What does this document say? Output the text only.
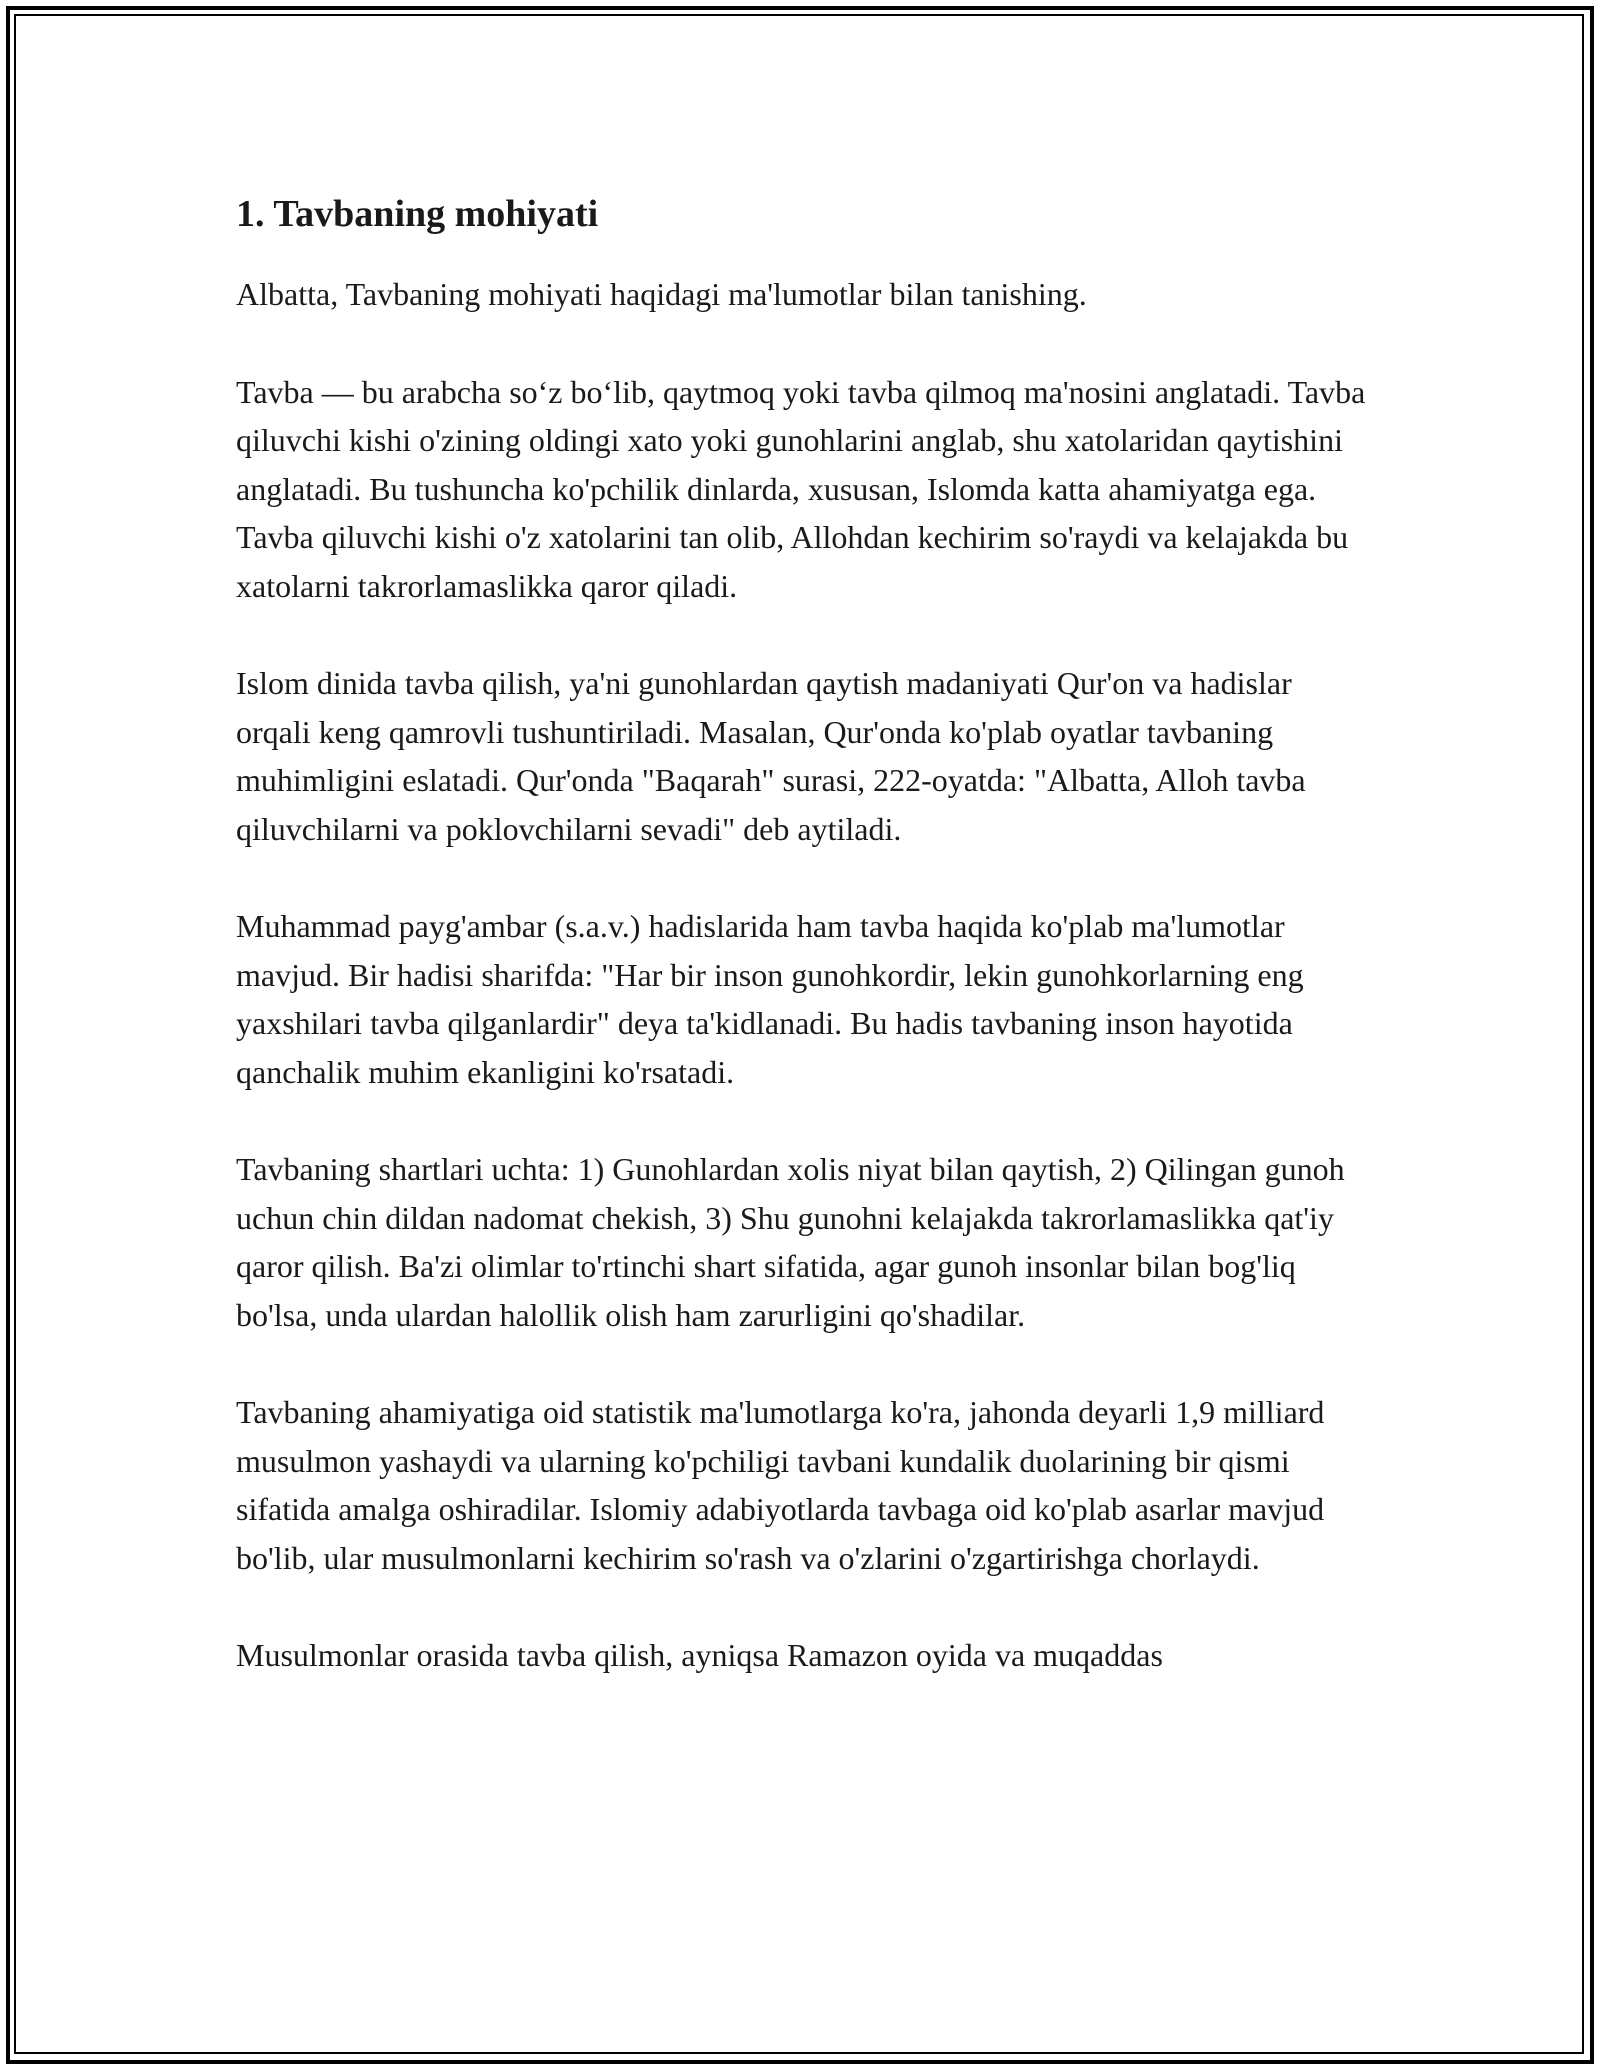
1. Tavbaning mohiyati

Albatta, Tavbaning mohiyati haqidagi ma'lumotlar bilan tanishing.

Tavba — bu arabcha so‘z bo‘lib, qaytmoq yoki tavba qilmoq ma'nosini anglatadi. Tavba qiluvchi kishi o'zining oldingi xato yoki gunohlarini anglab, shu xatolaridan qaytishini anglatadi. Bu tushuncha ko'pchilik dinlarda, xususan, Islomda katta ahamiyatga ega. Tavba qiluvchi kishi o'z xatolarini tan olib, Allohdan kechirim so'raydi va kelajakda bu xatolarni takrorlamaslikka qaror qiladi.

Islom dinida tavba qilish, ya'ni gunohlardan qaytish madaniyati Qur'on va hadislar orqali keng qamrovli tushuntiriladi. Masalan, Qur'onda ko'plab oyatlar tavbaning muhimligini eslatadi. Qur'onda "Baqarah" surasi, 222-oyatda: "Albatta, Alloh tavba qiluvchilarni va poklovchilarni sevadi" deb aytiladi.

Muhammad payg'ambar (s.a.v.) hadislarida ham tavba haqida ko'plab ma'lumotlar mavjud. Bir hadisi sharifda: "Har bir inson gunohkordir, lekin gunohkorlarning eng yaxshilari tavba qilganlardir" deya ta'kidlanadi. Bu hadis tavbaning inson hayotida qanchalik muhim ekanligini ko'rsatadi.

Tavbaning shartlari uchta: 1) Gunohlardan xolis niyat bilan qaytish, 2) Qilingan gunoh uchun chin dildan nadomat chekish, 3) Shu gunohni kelajakda takrorlamaslikka qat'iy qaror qilish. Ba'zi olimlar to'rtinchi shart sifatida, agar gunoh insonlar bilan bog'liq bo'lsa, unda ulardan halollik olish ham zarurligini qo'shadilar.

Tavbaning ahamiyatiga oid statistik ma'lumotlarga ko'ra, jahonda deyarli 1,9 milliard musulmon yashaydi va ularning ko'pchiligi tavbani kundalik duolarining bir qismi sifatida amalga oshiradilar. Islomiy adabiyotlarda tavbaga oid ko'plab asarlar mavjud bo'lib, ular musulmonlarni kechirim so'rash va o'zlarini o'zgartirishga chorlaydi.

Musulmonlar orasida tavba qilish, ayniqsa Ramazon oyida va muqaddas
